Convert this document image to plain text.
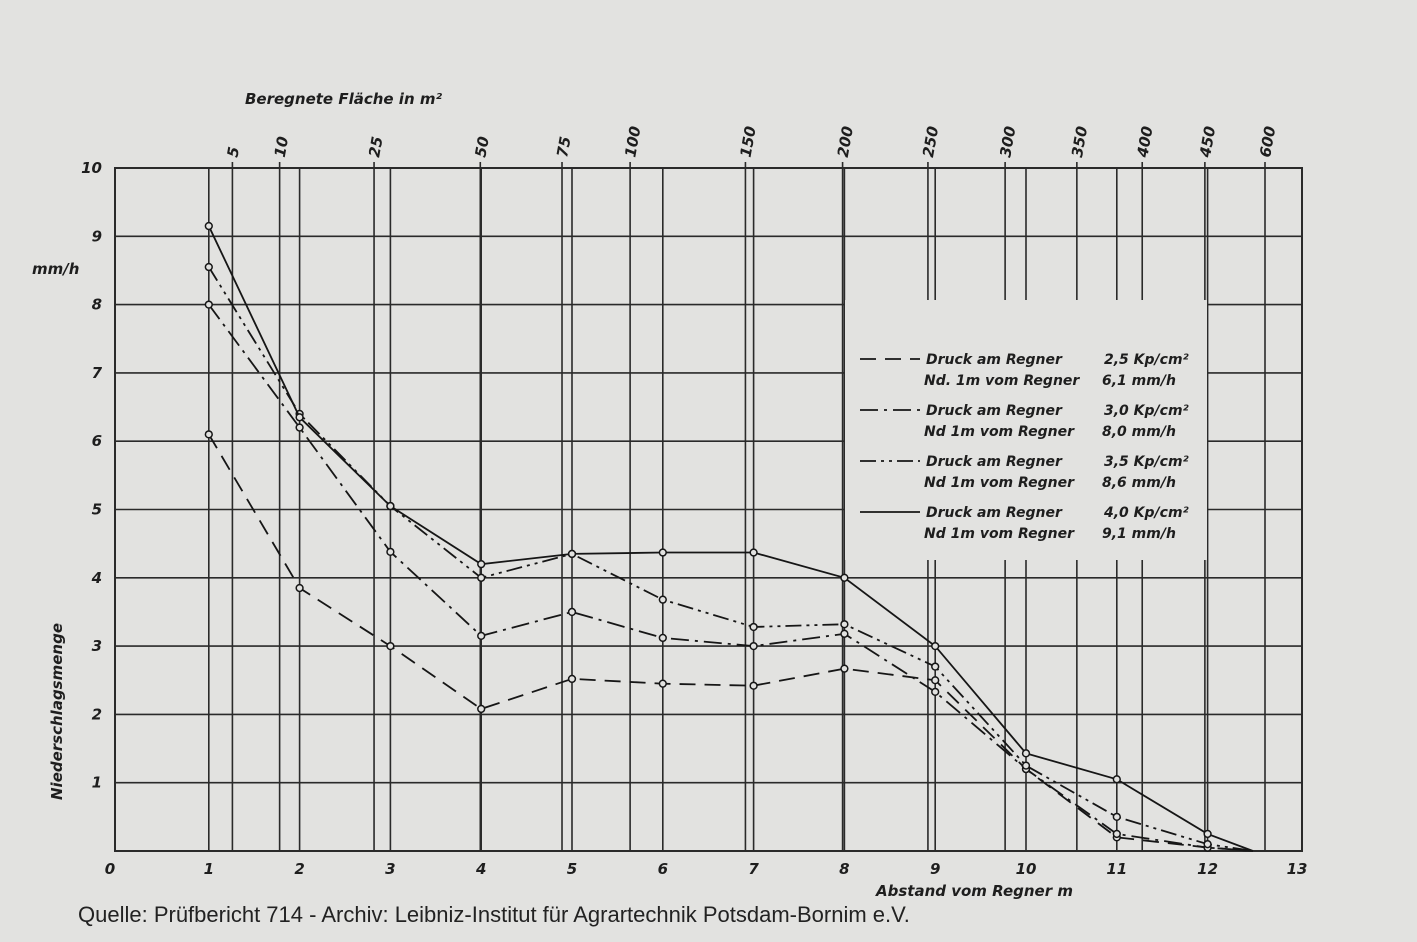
5 10	25	50	75	100	150	200	250	300	350	400	450 600
1
2
3
4
5
6
7
8
9
10
0	1	2	3	4	5	6	7	8	9	10	11	12	13
Druck am Regner	2,5 Kp/cm²
Nd. 1m vom Regner 6,1 mm/h
Druck am Regner	3,0 Kp/cm²
Nd 1m vom Regner 8,0 mm/h
Druck am Regner	3,5 Kp/cm²
Nd 1m vom Regner 8,6 mm/h
Druck am Regner	4,0 Kp/cm²
Nd 1m vom Regner 9,1 mm/h
Beregnete Fläche in m²
mm/h
Niederschlagsmenge
Abstand vom Regner m
Quelle: Prüfbericht 714 - Archiv: Leibniz-Institut für Agrartechnik Potsdam-Bornim e.V.
